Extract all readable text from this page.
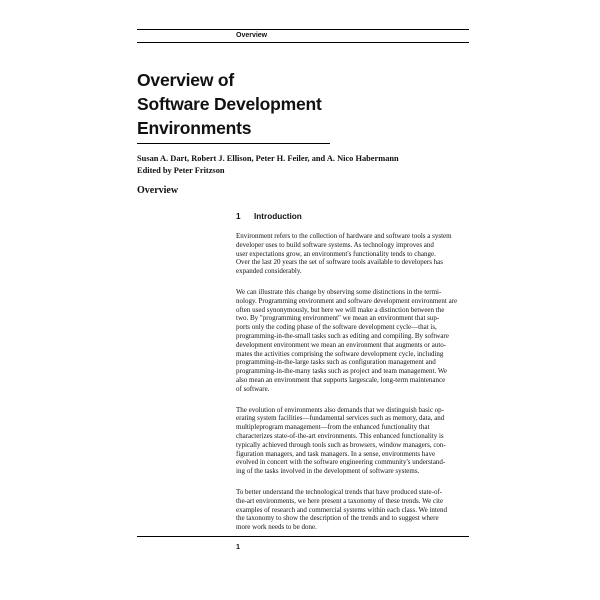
Overview
Overview of
Software Development
Environments
Susan A. Dart, Robert J. Ellison, Peter H. Feiler, and A. Nico Habermann
Edited by Peter Fritzson
Overview
1 Introduction
Environment refers to the collection of hardware and software tools a system
developer uses to build software systems. As technology improves and
user expectations grow, an environment's functionality tends to change.
Over the last 20 years the set of software tools available to developers has
expanded considerably.
We can illustrate this change by observing some distinctions in the termi-
nology. Programming environment and software development environment are
often used synonymously, but here we will make a distinction between the
two. By "programming environment" we mean an environment that sup-
ports only the coding phase of the software development cycle—that is,
programming-in-the-small tasks such as editing and compiling. By software
development environment we mean an environment that augments or auto-
mates the activities comprising the software development cycle, including
programming-in-the-large tasks such as configuration management and
programming-in-the-many tasks such as project and team management. We
also mean an environment that supports largescale, long-term maintenance
of software.
The evolution of environments also demands that we distinguish basic op-
erating system facilities—fundamental services such as memory, data, and
multipleprogram management—from the enhanced functionality that
characterizes state-of-the-art environments. This enhanced functionality is
typically achieved through tools such as browsers, window managers, con-
figuration managers, and task managers. In a sense, environments have
evolved in concert with the software engineering community's understand-
ing of the tasks involved in the development of software systems.
To better understand the technological trends that have produced state-of-
the-art environments, we here present a taxonomy of these trends. We cite
examples of research and commercial systems within each class. We intend
the taxonomy to show the description of the trends and to suggest where
more work needs to be done.
1
